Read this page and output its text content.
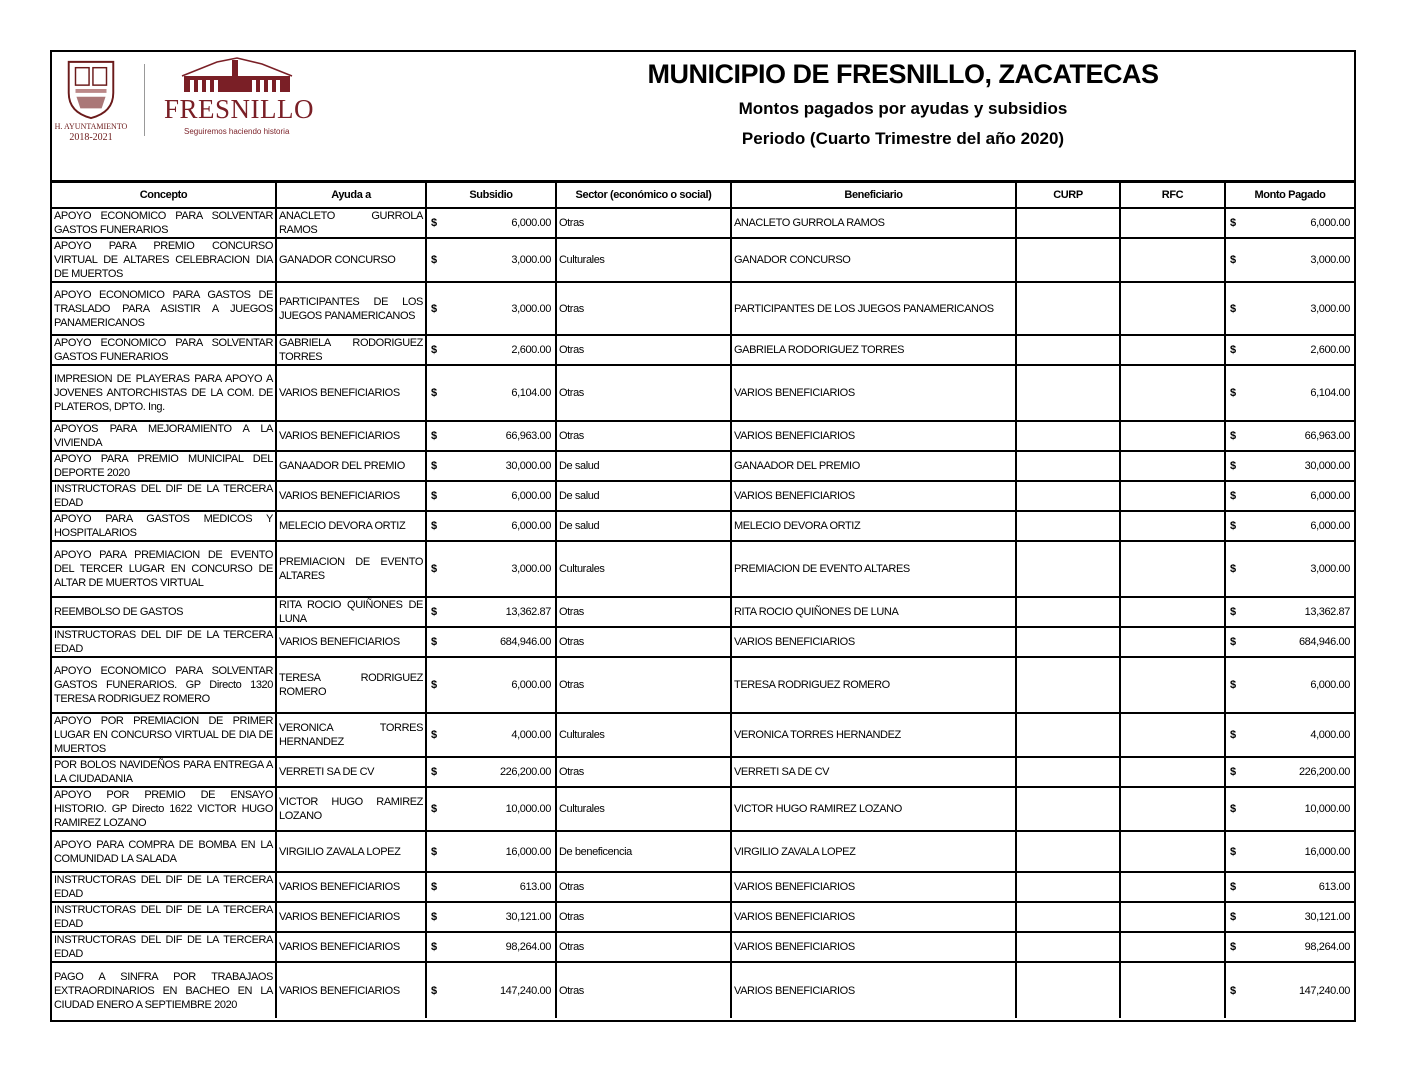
H. AYUNTAMIENTO
2018-2021
FRESNILLO
Seguiremos haciendo historia
MUNICIPIO DE FRESNILLO, ZACATECAS
Montos pagados por ayudas y subsidios
Periodo (Cuarto Trimestre del año 2020)
Concepto	Ayuda a	Subsidio	Sector (económico o social)	Beneficiario	CURP	RFC	Monto Pagado
APOYO ECONOMICO PARA SOLVENTAR GASTOS FUNERARIOS	ANACLETO GURROLA RAMOS	$ 6,000.00	Otras	ANACLETO GURROLA RAMOS			$ 6,000.00

APOYO PARA PREMIO CONCURSO VIRTUAL DE ALTARES CELEBRACION DIA DE MUERTOS	GANADOR CONCURSO	$ 3,000.00	Culturales	GANADOR CONCURSO			$ 3,000.00

APOYO ECONOMICO PARA GASTOS DE TRASLADO PARA ASISTIR A JUEGOS PANAMERICANOS	PARTICIPANTES DE LOS JUEGOS PANAMERICANOS	$ 3,000.00	Otras	PARTICIPANTES DE LOS JUEGOS PANAMERICANOS			$ 3,000.00

APOYO ECONOMICO PARA SOLVENTAR GASTOS FUNERARIOS	GABRIELA RODORIGUEZ TORRES	$ 2,600.00	Otras	GABRIELA RODORIGUEZ TORRES			$ 2,600.00

IMPRESION DE PLAYERAS PARA APOYO A JOVENES ANTORCHISTAS DE LA COM. DE PLATEROS, DPTO. Ing.	VARIOS BENEFICIARIOS	$ 6,104.00	Otras	VARIOS BENEFICIARIOS			$ 6,104.00

APOYOS PARA MEJORAMIENTO A LA VIVIENDA	VARIOS BENEFICIARIOS	$ 66,963.00	Otras	VARIOS BENEFICIARIOS			$ 66,963.00

APOYO PARA PREMIO MUNICIPAL DEL DEPORTE 2020	GANAADOR DEL PREMIO	$ 30,000.00	De salud	GANAADOR DEL PREMIO			$ 30,000.00

INSTRUCTORAS DEL DIF DE LA TERCERA EDAD	VARIOS BENEFICIARIOS	$ 6,000.00	De salud	VARIOS BENEFICIARIOS			$ 6,000.00

APOYO PARA GASTOS MEDICOS Y HOSPITALARIOS	MELECIO DEVORA ORTIZ	$ 6,000.00	De salud	MELECIO DEVORA ORTIZ			$ 6,000.00

APOYO PARA PREMIACION DE EVENTO DEL TERCER LUGAR EN CONCURSO DE ALTAR DE MUERTOS VIRTUAL	PREMIACION DE EVENTO ALTARES	$ 3,000.00	Culturales	PREMIACION DE EVENTO ALTARES			$ 3,000.00

REEMBOLSO DE GASTOS	RITA ROCIO QUIÑONES DE LUNA	$ 13,362.87	Otras	RITA ROCIO QUIÑONES DE LUNA			$ 13,362.87

INSTRUCTORAS DEL DIF DE LA TERCERA EDAD	VARIOS BENEFICIARIOS	$ 684,946.00	Otras	VARIOS BENEFICIARIOS			$ 684,946.00

APOYO ECONOMICO PARA SOLVENTAR GASTOS FUNERARIOS. GP Directo 1320 TERESA RODRIGUEZ ROMERO	TERESA RODRIGUEZ ROMERO	$ 6,000.00	Otras	TERESA RODRIGUEZ ROMERO			$ 6,000.00

APOYO POR PREMIACION DE PRIMER LUGAR EN CONCURSO VIRTUAL DE DIA DE MUERTOS	VERONICA TORRES HERNANDEZ	$ 4,000.00	Culturales	VERONICA TORRES HERNANDEZ			$ 4,000.00

POR BOLOS NAVIDEÑOS PARA ENTREGA A LA CIUDADANIA	VERRETI SA DE CV	$ 226,200.00	Otras	VERRETI SA DE CV			$ 226,200.00

APOYO POR PREMIO DE ENSAYO HISTORIO. GP Directo 1622 VICTOR HUGO RAMIREZ LOZANO	VICTOR HUGO RAMIREZ LOZANO	$ 10,000.00	Culturales	VICTOR HUGO RAMIREZ LOZANO			$ 10,000.00

APOYO PARA COMPRA DE BOMBA EN LA COMUNIDAD LA SALADA	VIRGILIO ZAVALA LOPEZ	$ 16,000.00	De beneficencia	VIRGILIO ZAVALA LOPEZ			$ 16,000.00

INSTRUCTORAS DEL DIF DE LA TERCERA EDAD	VARIOS BENEFICIARIOS	$ 613.00	Otras	VARIOS BENEFICIARIOS			$ 613.00

INSTRUCTORAS DEL DIF DE LA TERCERA EDAD	VARIOS BENEFICIARIOS	$ 30,121.00	Otras	VARIOS BENEFICIARIOS			$ 30,121.00

INSTRUCTORAS DEL DIF DE LA TERCERA EDAD	VARIOS BENEFICIARIOS	$ 98,264.00	Otras	VARIOS BENEFICIARIOS			$ 98,264.00

PAGO A SINFRA POR TRABAJAOS EXTRAORDINARIOS EN BACHEO EN LA CIUDAD ENERO A SEPTIEMBRE 2020	VARIOS BENEFICIARIOS	$ 147,240.00	Otras	VARIOS BENEFICIARIOS			$ 147,240.00
